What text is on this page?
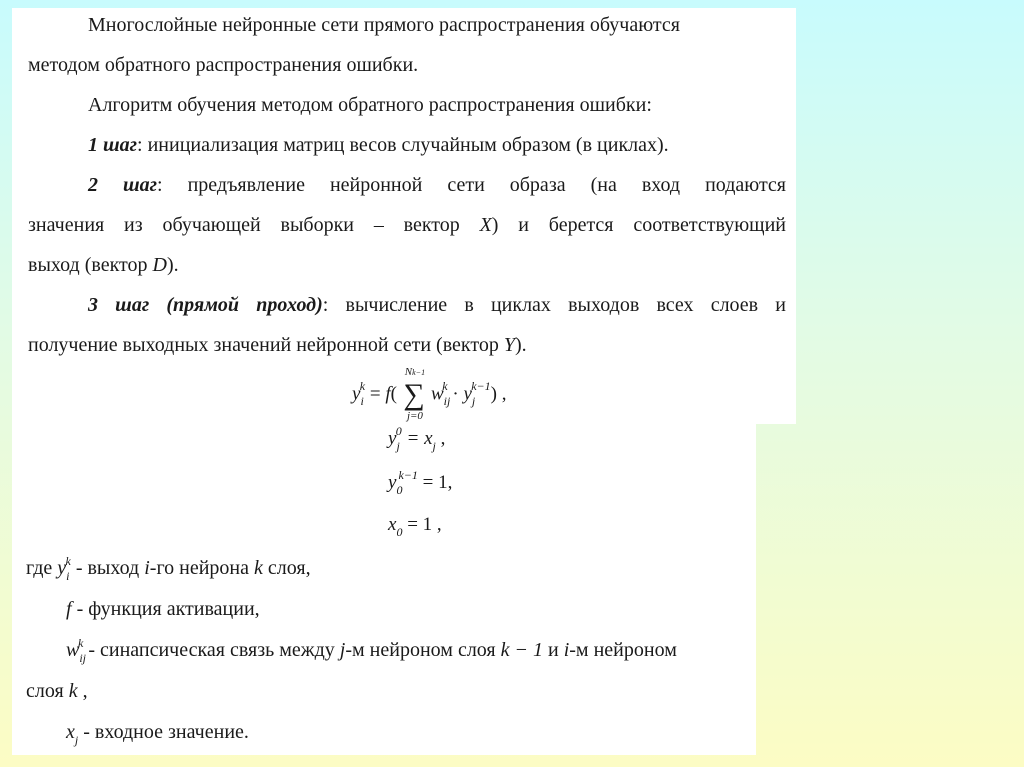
Многослойные нейронные сети прямого распространения обучаются
методом обратного распространения ошибки.
Алгоритм обучения методом обратного распространения ошибки:
1 шаг: инициализация матриц весов случайным образом (в циклах).
2 шаг: предъявление нейронной сети образа (на вход подаются
значения из обучающей выборки – вектор X) и берется соответствующий
выход (вектор D).
3 шаг (прямой проход): вычисление в циклах выходов всех слоев и
получение выходных значений нейронной сети (вектор Y).
$y_i^k = f$(
Nk−1
∑
j=0
$w_{ij}^k \cdot y_j^{k-1}$) ,
$y_j^0 = x_j$ ,
$y_0^{k-1} = 1$,
$x_0 = 1$ ,
где $y_i^k$ - выход i-го нейрона k слоя,
f - функция активации,
$w_{ij}^k$ - синапсическая связь между j-м нейроном слоя k − 1 и i-м нейроном
слоя k ,
$x_j$ - входное значение.
